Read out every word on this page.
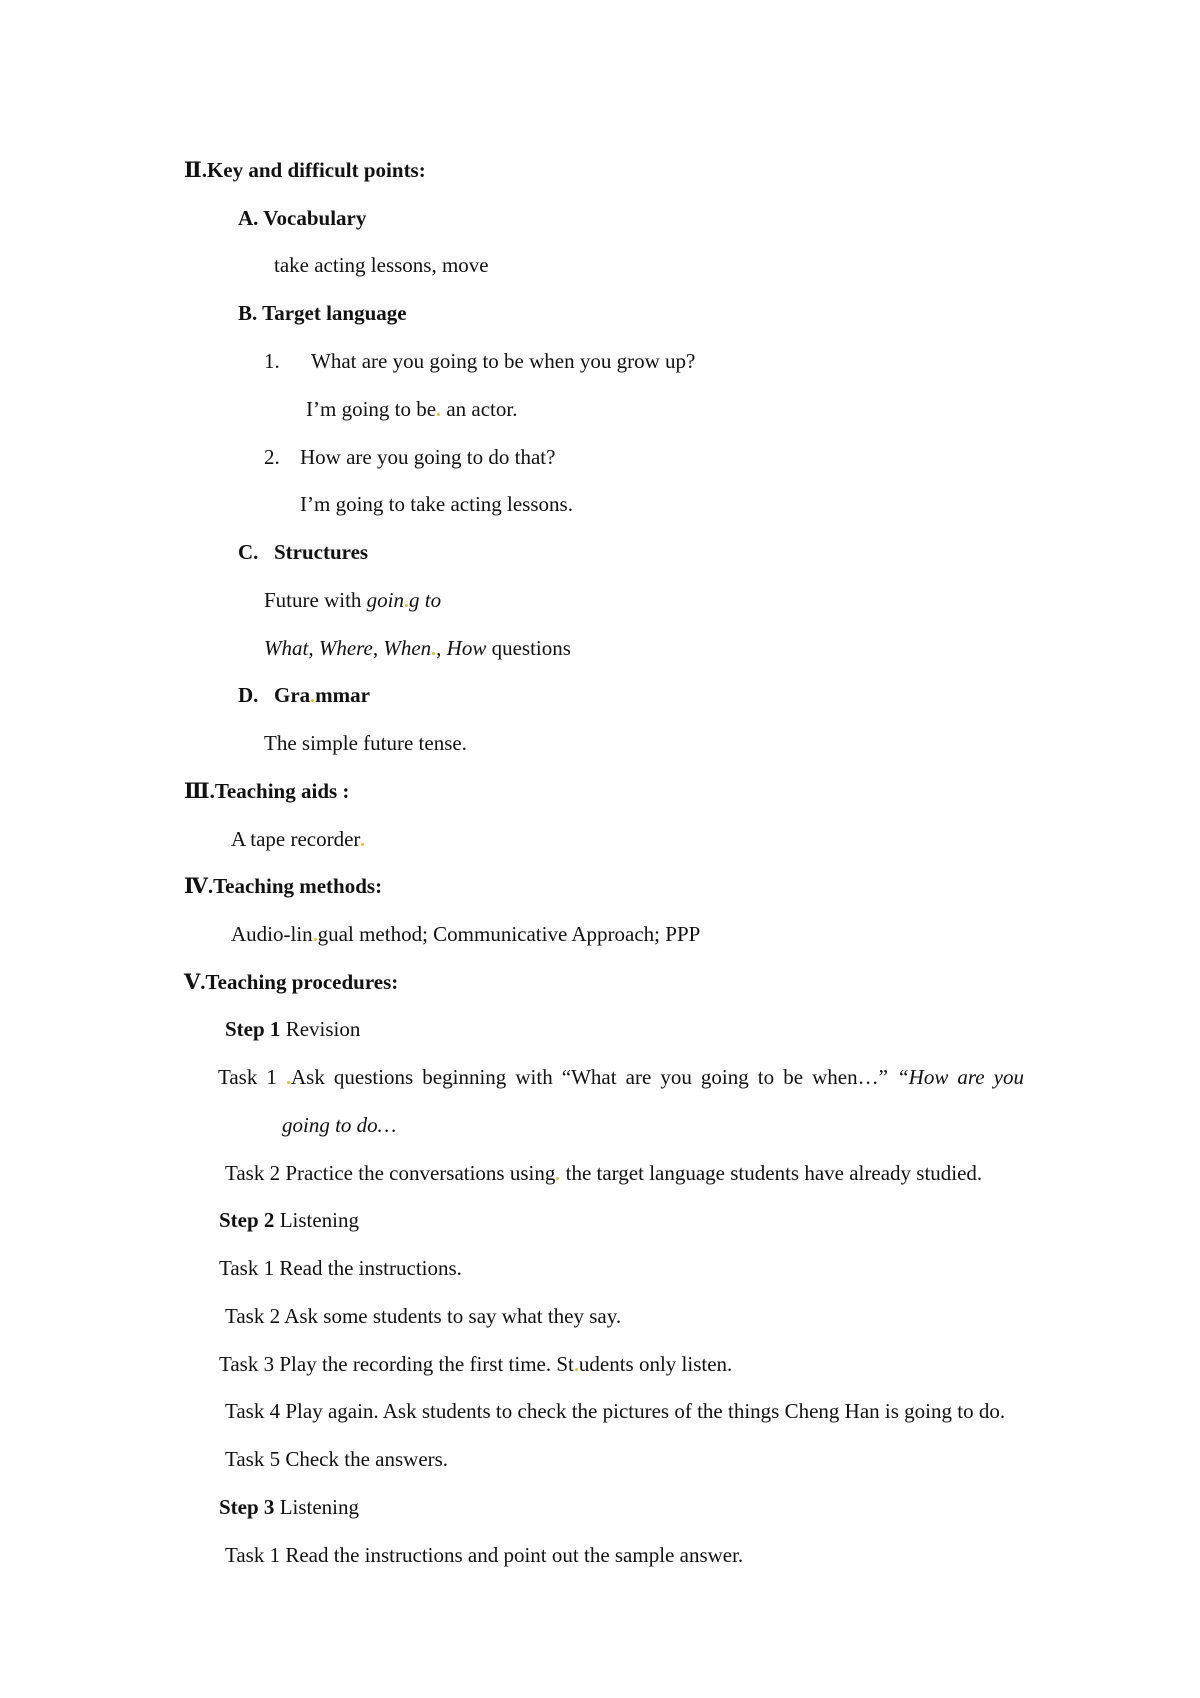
Ⅱ.Key and difficult points:
A. Vocabulary
take acting lessons, move
B. Target language
1. What are you going to be when you grow up?
I’m going to be an actor.
2. How are you going to do that?
I’m going to take acting lessons.
C. Structures
Future with goin g to
What, Where, When , How questions
D. Gra mmar
The simple future tense.
Ⅲ.Teaching aids :
A tape recorder
Ⅳ.Teaching methods:
Audio-lin gual method; Communicative Approach; PPP
Ⅴ.Teaching procedures:
Step 1 Revision
Task 1 Ask questions beginning with “What are you going to be when…” “How are you
going to do…
Task 2 Practice the conversations using the target language students have already studied.
Step 2 Listening
Task 1 Read the instructions.
Task 2 Ask some students to say what they say.
Task 3 Play the recording the first time. St udents only listen.
Task 4 Play again. Ask students to check the pictures of the things Cheng Han is going to do.
Task 5 Check the answers.
Step 3 Listening
Task 1 Read the instructions and point out the sample answer.
